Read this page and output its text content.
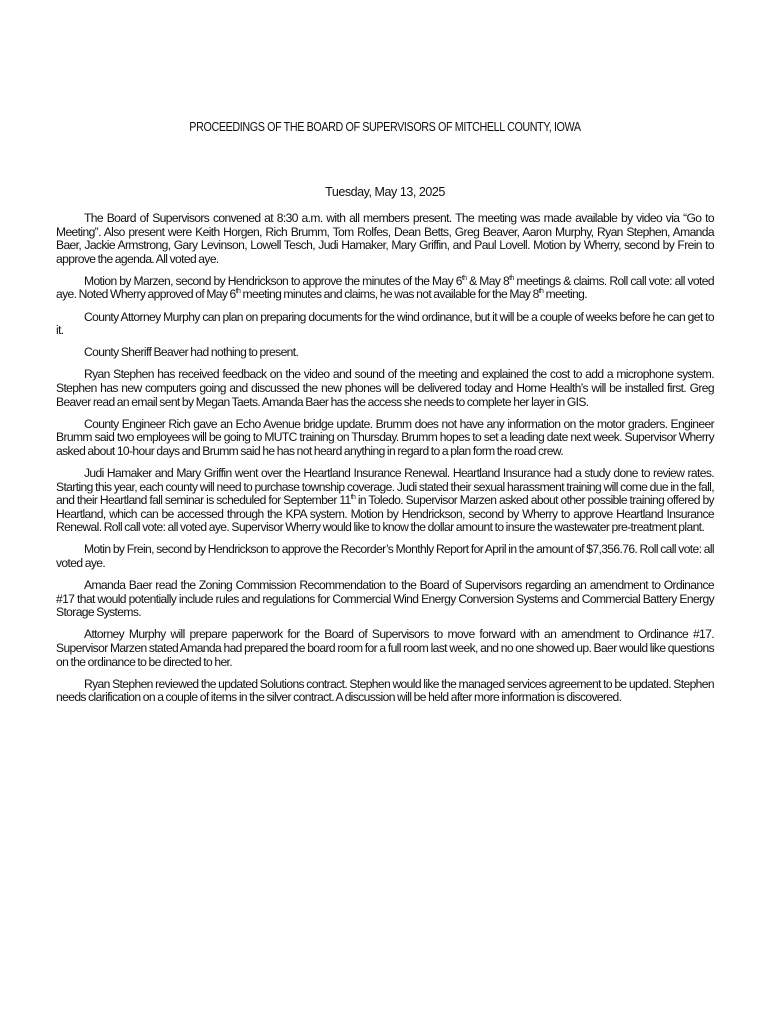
PROCEEDINGS OF THE BOARD OF SUPERVISORS OF MITCHELL COUNTY, IOWA
Tuesday, May 13, 2025

The Board of Supervisors convened at 8:30 a.m. with all members present. The meeting was made available by video via “Go to Meeting”. Also present were Keith Horgen, Rich Brumm, Tom Rolfes, Dean Betts, Greg Beaver, Aaron Murphy, Ryan Stephen, Amanda Baer, Jackie Armstrong, Gary Levinson, Lowell Tesch, Judi Hamaker, Mary Griffin, and Paul Lovell. Motion by Wherry, second by Frein to approve the agenda. All voted aye.

Motion by Marzen, second by Hendrickson to approve the minutes of the May 6th & May 8th meetings & claims. Roll call vote: all voted aye. Noted Wherry approved of May 6th meeting minutes and claims, he was not available for the May 8th meeting.

County Attorney Murphy can plan on preparing documents for the wind ordinance, but it will be a couple of weeks before he can get to it.

County Sheriff Beaver had nothing to present.

Ryan Stephen has received feedback on the video and sound of the meeting and explained the cost to add a microphone system. Stephen has new computers going and discussed the new phones will be delivered today and Home Health’s will be installed first. Greg Beaver read an email sent by Megan Taets. Amanda Baer has the access she needs to complete her layer in GIS.

County Engineer Rich gave an Echo Avenue bridge update. Brumm does not have any information on the motor graders. Engineer Brumm said two employees will be going to MUTC training on Thursday. Brumm hopes to set a leading date next week. Supervisor Wherry asked about 10-hour days and Brumm said he has not heard anything in regard to a plan form the road crew.

Judi Hamaker and Mary Griffin went over the Heartland Insurance Renewal. Heartland Insurance had a study done to review rates. Starting this year, each county will need to purchase township coverage. Judi stated their sexual harassment training will come due in the fall, and their Heartland fall seminar is scheduled for September 11th in Toledo. Supervisor Marzen asked about other possible training offered by Heartland, which can be accessed through the KPA system. Motion by Hendrickson, second by Wherry to approve Heartland Insurance Renewal. Roll call vote: all voted aye. Supervisor Wherry would like to know the dollar amount to insure the wastewater pre-treatment plant.

Motin by Frein, second by Hendrickson to approve the Recorder’s Monthly Report for April in the amount of $7,356.76. Roll call vote: all voted aye.

Amanda Baer read the Zoning Commission Recommendation to the Board of Supervisors regarding an amendment to Ordinance #17 that would potentially include rules and regulations for Commercial Wind Energy Conversion Systems and Commercial Battery Energy Storage Systems.

Attorney Murphy will prepare paperwork for the Board of Supervisors to move forward with an amendment to Ordinance #17. Supervisor Marzen stated Amanda had prepared the board room for a full room last week, and no one showed up. Baer would like questions on the ordinance to be directed to her.

Ryan Stephen reviewed the updated Solutions contract. Stephen would like the managed services agreement to be updated. Stephen needs clarification on a couple of items in the silver contract. A discussion will be held after more information is discovered.
